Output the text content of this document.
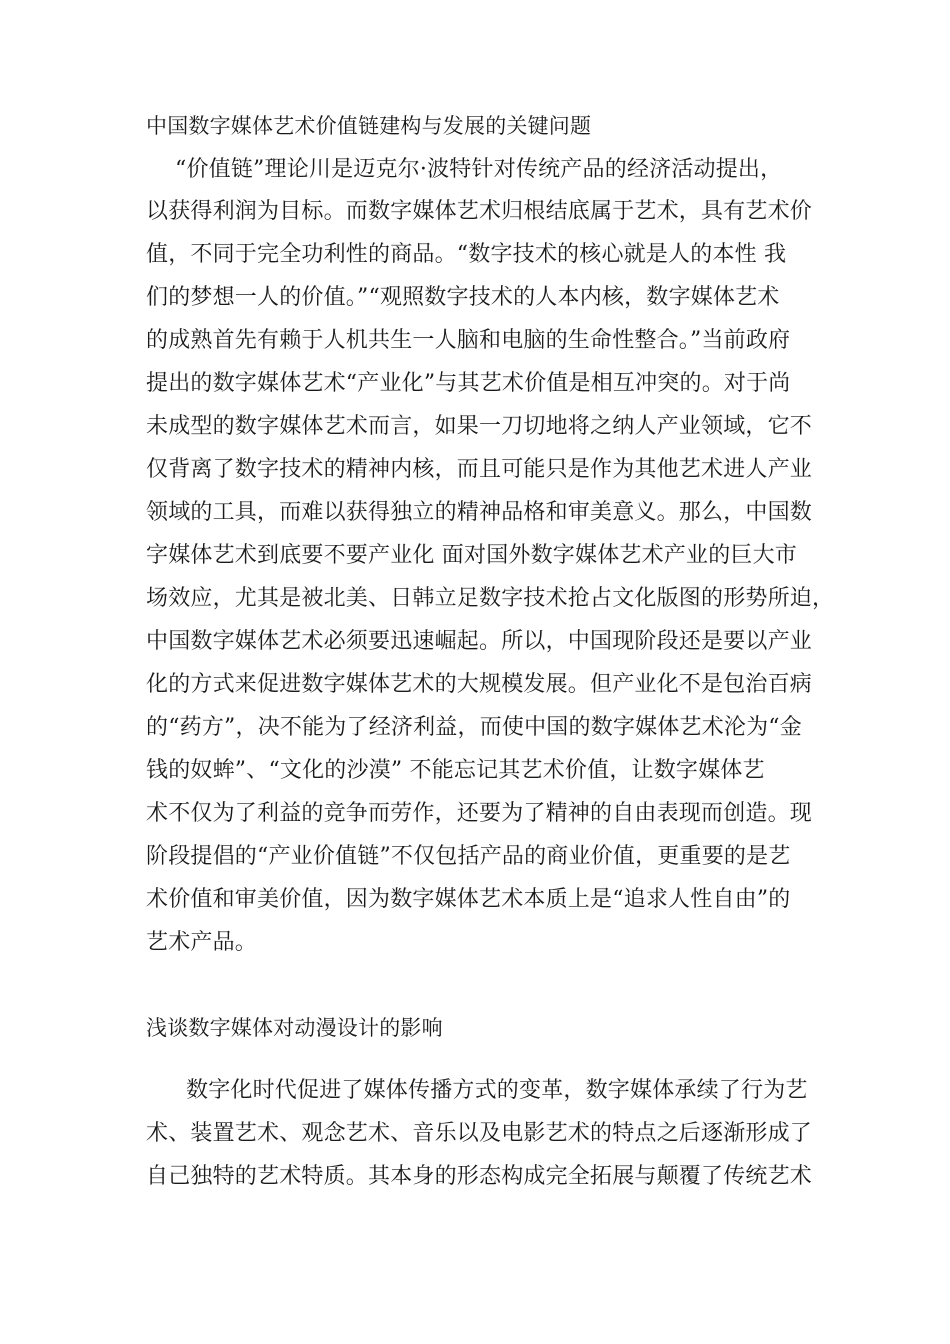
中国数字媒体艺术价值链建构与发展的关键问题
“价值链”理论川是迈克尔·波特针对传统产品的经济活动提出，
以获得利润为目标。而数字媒体艺术归根结底属于艺术，具有艺术价
值，不同于完全功利性的商品。“数字技术的核心就是人的本性 我
们的梦想一人的价值。”“观照数字技术的人本内核，数字媒体艺术
的成熟首先有赖于人机共生一人脑和电脑的生命性整合。”当前政府
提出的数字媒体艺术“产业化”与其艺术价值是相互冲突的。对于尚
未成型的数字媒体艺术而言，如果一刀切地将之纳人产业领域，它不
仅背离了数字技术的精神内核，而且可能只是作为其他艺术进人产业
领域的工具，而难以获得独立的精神品格和审美意义。那么，中国数
字媒体艺术到底要不要产业化 面对国外数字媒体艺术产业的巨大市
场效应，尤其是被北美、日韩立足数字技术抢占文化版图的形势所迫，
中国数字媒体艺术必须要迅速崛起。所以，中国现阶段还是要以产业
化的方式来促进数字媒体艺术的大规模发展。但产业化不是包治百病
的“药方”，决不能为了经济利益，而使中国的数字媒体艺术沦为“金
钱的奴蛑”、“文化的沙漠” 不能忘记其艺术价值，让数字媒体艺
术不仅为了利益的竞争而劳作，还要为了精神的自由表现而创造。现
阶段提倡的“产业价值链”不仅包括产品的商业价值，更重要的是艺
术价值和审美价值，因为数字媒体艺术本质上是“追求人性自由”的
艺术产品。
浅谈数字媒体对动漫设计的影响
数字化时代促进了媒体传播方式的变革，数字媒体承续了行为艺
术、装置艺术、观念艺术、音乐以及电影艺术的特点之后逐渐形成了
自己独特的艺术特质。其本身的形态构成完全拓展与颠覆了传统艺术
